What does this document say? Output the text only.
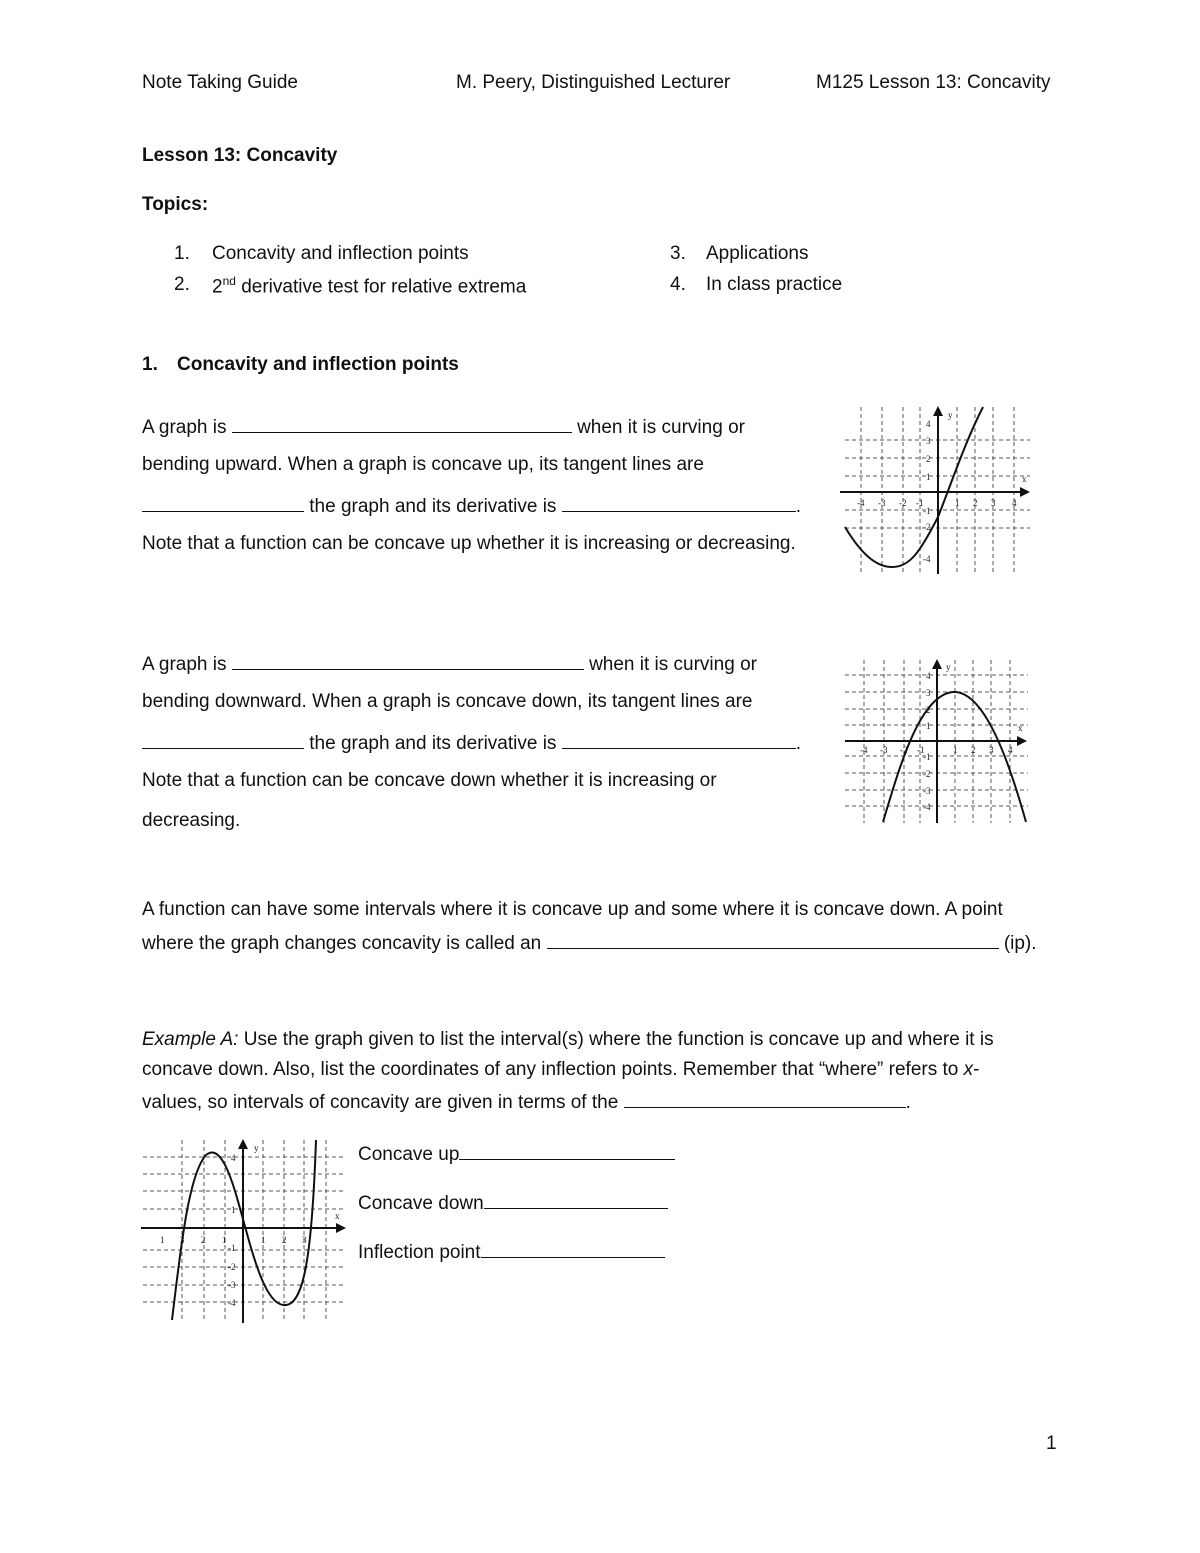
Note Taking Guide	M. Peery, Distinguished Lecturer	M125 Lesson 13: Concavity
Lesson 13: Concavity
Topics:
1. Concavity and inflection points
2. 2nd derivative test for relative extrema
3. Applications
4. In class practice
1. Concavity and inflection points
A graph is	when it is curving or
bending upward. When a graph is concave up, its tangent lines are
the graph and its derivative is	.
Note that a function can be concave up whether it is increasing or decreasing.
x
y
-4 -3 -2 -1	1 2 3 4
4
3
2
1
-1
-2
-4
A graph is	when it is curving or
bending downward. When a graph is concave down, its tangent lines are
the graph and its derivative is	.
Note that a function can be concave down whether it is increasing or
decreasing.
x
y
-4 -3 -2 -1	1 2 3 4
4
3
2
1
-1
-2
-3
-4
A function can have some intervals where it is concave up and some where it is concave down. A point
where the graph changes concavity is called an	(ip).
Example A: Use the graph given to list the interval(s) where the function is concave up and where it is
concave down. Also, list the coordinates of any inflection points. Remember that “where” refers to x-
values, so intervals of concavity are given in terms of the	.
x
y
1 3 2 1	1 2 3
4
1
-1
-2
-3
-4
Concave up
Concave down
Inflection point
1
